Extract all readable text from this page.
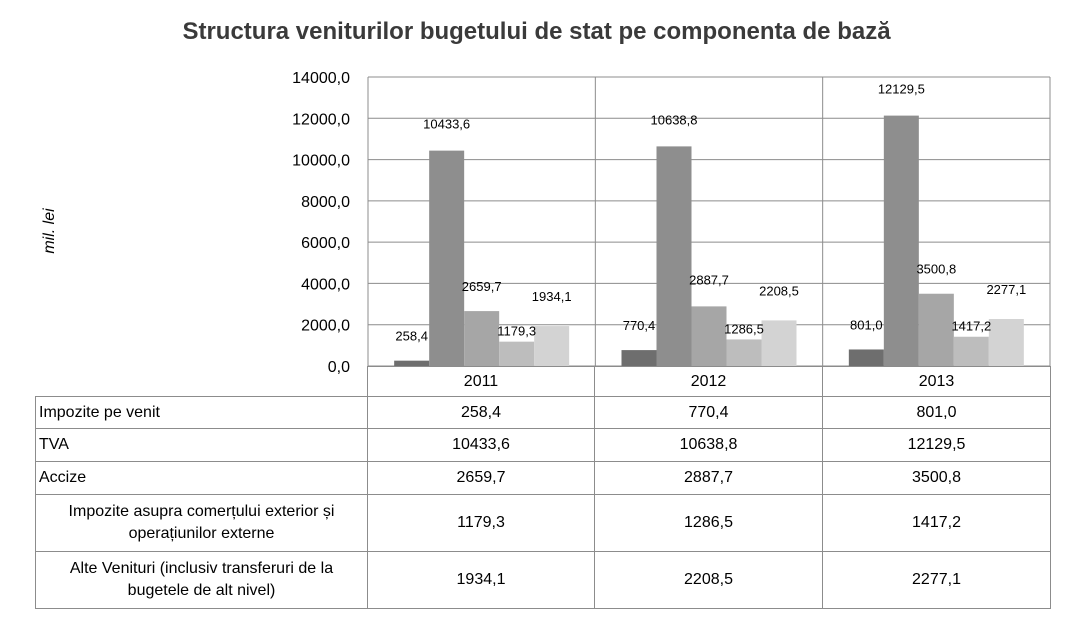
Structura veniturilor bugetului de stat pe componenta de bază
mil. lei
258,4
10433,6
2659,7
1179,3
1934,1
770,4
10638,8
2887,7
1286,5
2208,5
801,0
12129,5
3500,8
1417,2
2277,1
0,0
2000,0
4000,0
6000,0
8000,0
10000,0
12000,0
14000,0
	2011	2012	2013
Impozite pe venit	258,4	770,4	801,0
TVA	10433,6	10638,8	12129,5
Accize	2659,7	2887,7	3500,8
Impozite asupra comerțului exterior și operațiunilor externe	1179,3	1286,5	1417,2
Alte Venituri (inclusiv transferuri de la bugetele de alt nivel)	1934,1	2208,5	2277,1
